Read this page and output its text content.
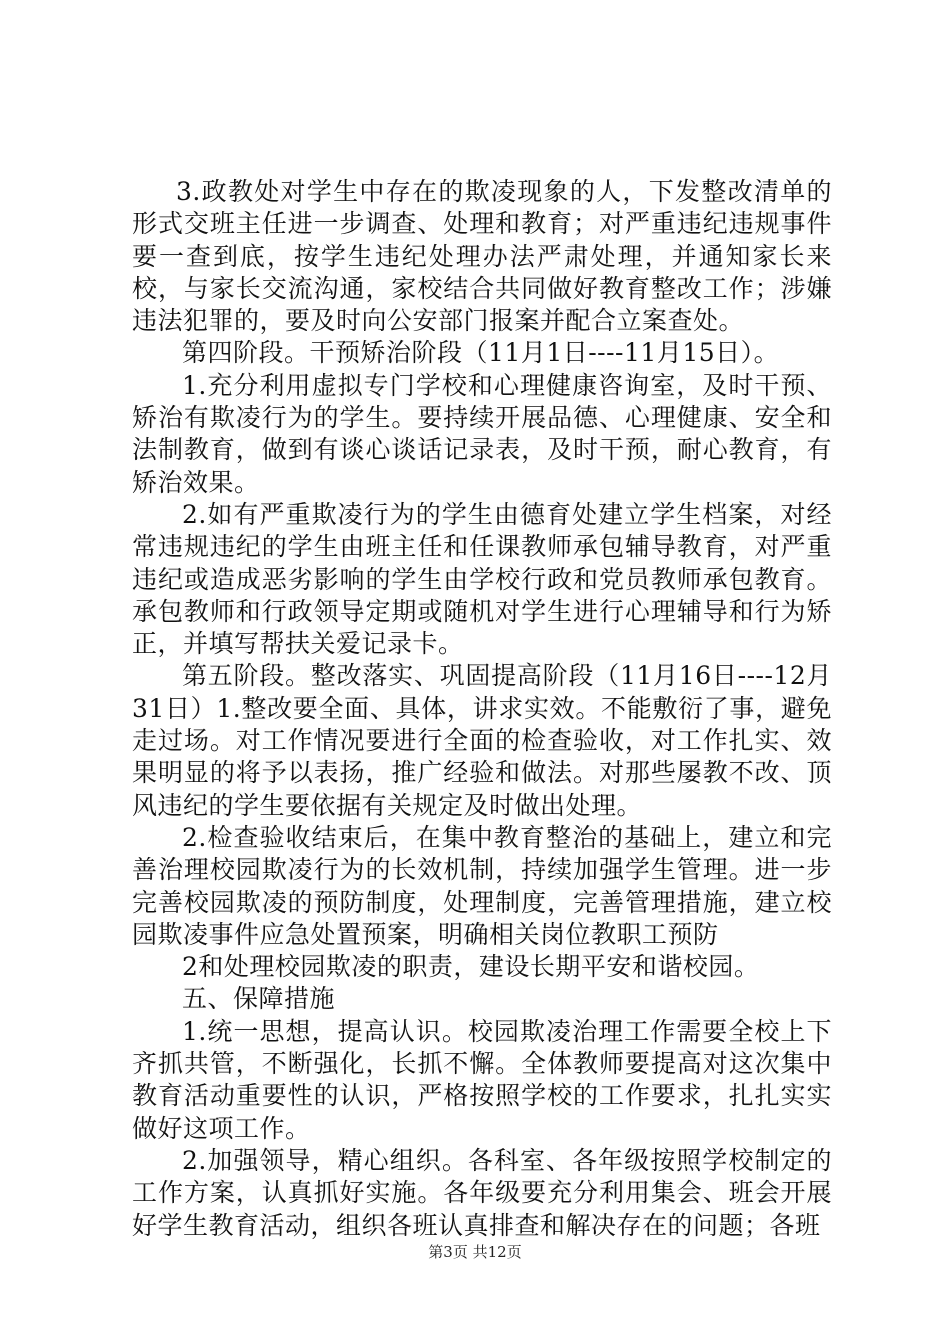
3.政教处对学生中存在的欺凌现象的人，下发整改清单的形式交班主任进一步调查、处理和教育；对严重违纪违规事件要一查到底，按学生违纪处理办法严肃处理，并通知家长来校，与家长交流沟通，家校结合共同做好教育整改工作；涉嫌违法犯罪的，要及时向公安部门报案并配合立案查处。

第四阶段。干预矫治阶段（11月1日----11月15日）。

1.充分利用虚拟专门学校和心理健康咨询室，及时干预、矫治有欺凌行为的学生。要持续开展品德、心理健康、安全和法制教育，做到有谈心谈话记录表，及时干预，耐心教育，有矫治效果。

2.如有严重欺凌行为的学生由德育处建立学生档案，对经常违规违纪的学生由班主任和任课教师承包辅导教育，对严重违纪或造成恶劣影响的学生由学校行政和党员教师承包教育。承包教师和行政领导定期或随机对学生进行心理辅导和行为矫正，并填写帮扶关爱记录卡。

第五阶段。整改落实、巩固提高阶段（11月16日----12月31日）1.整改要全面、具体，讲求实效。不能敷衍了事，避免走过场。对工作情况要进行全面的检查验收，对工作扎实、效果明显的将予以表扬，推广经验和做法。对那些屡教不改、顶风违纪的学生要依据有关规定及时做出处理。

2.检查验收结束后，在集中教育整治的基础上，建立和完善治理校园欺凌行为的长效机制，持续加强学生管理。进一步完善校园欺凌的预防制度，处理制度，完善管理措施，建立校园欺凌事件应急处置预案，明确相关岗位教职工预防

2和处理校园欺凌的职责，建设长期平安和谐校园。

五、保障措施

1.统一思想，提高认识。校园欺凌治理工作需要全校上下齐抓共管，不断强化，长抓不懈。全体教师要提高对这次集中教育活动重要性的认识，严格按照学校的工作要求，扎扎实实做好这项工作。

2.加强领导，精心组织。各科室、各年级按照学校制定的工作方案，认真抓好实施。各年级要充分利用集会、班会开展好学生教育活动，组织各班认真排查和解决存在的问题；各班

第3页 共12页
